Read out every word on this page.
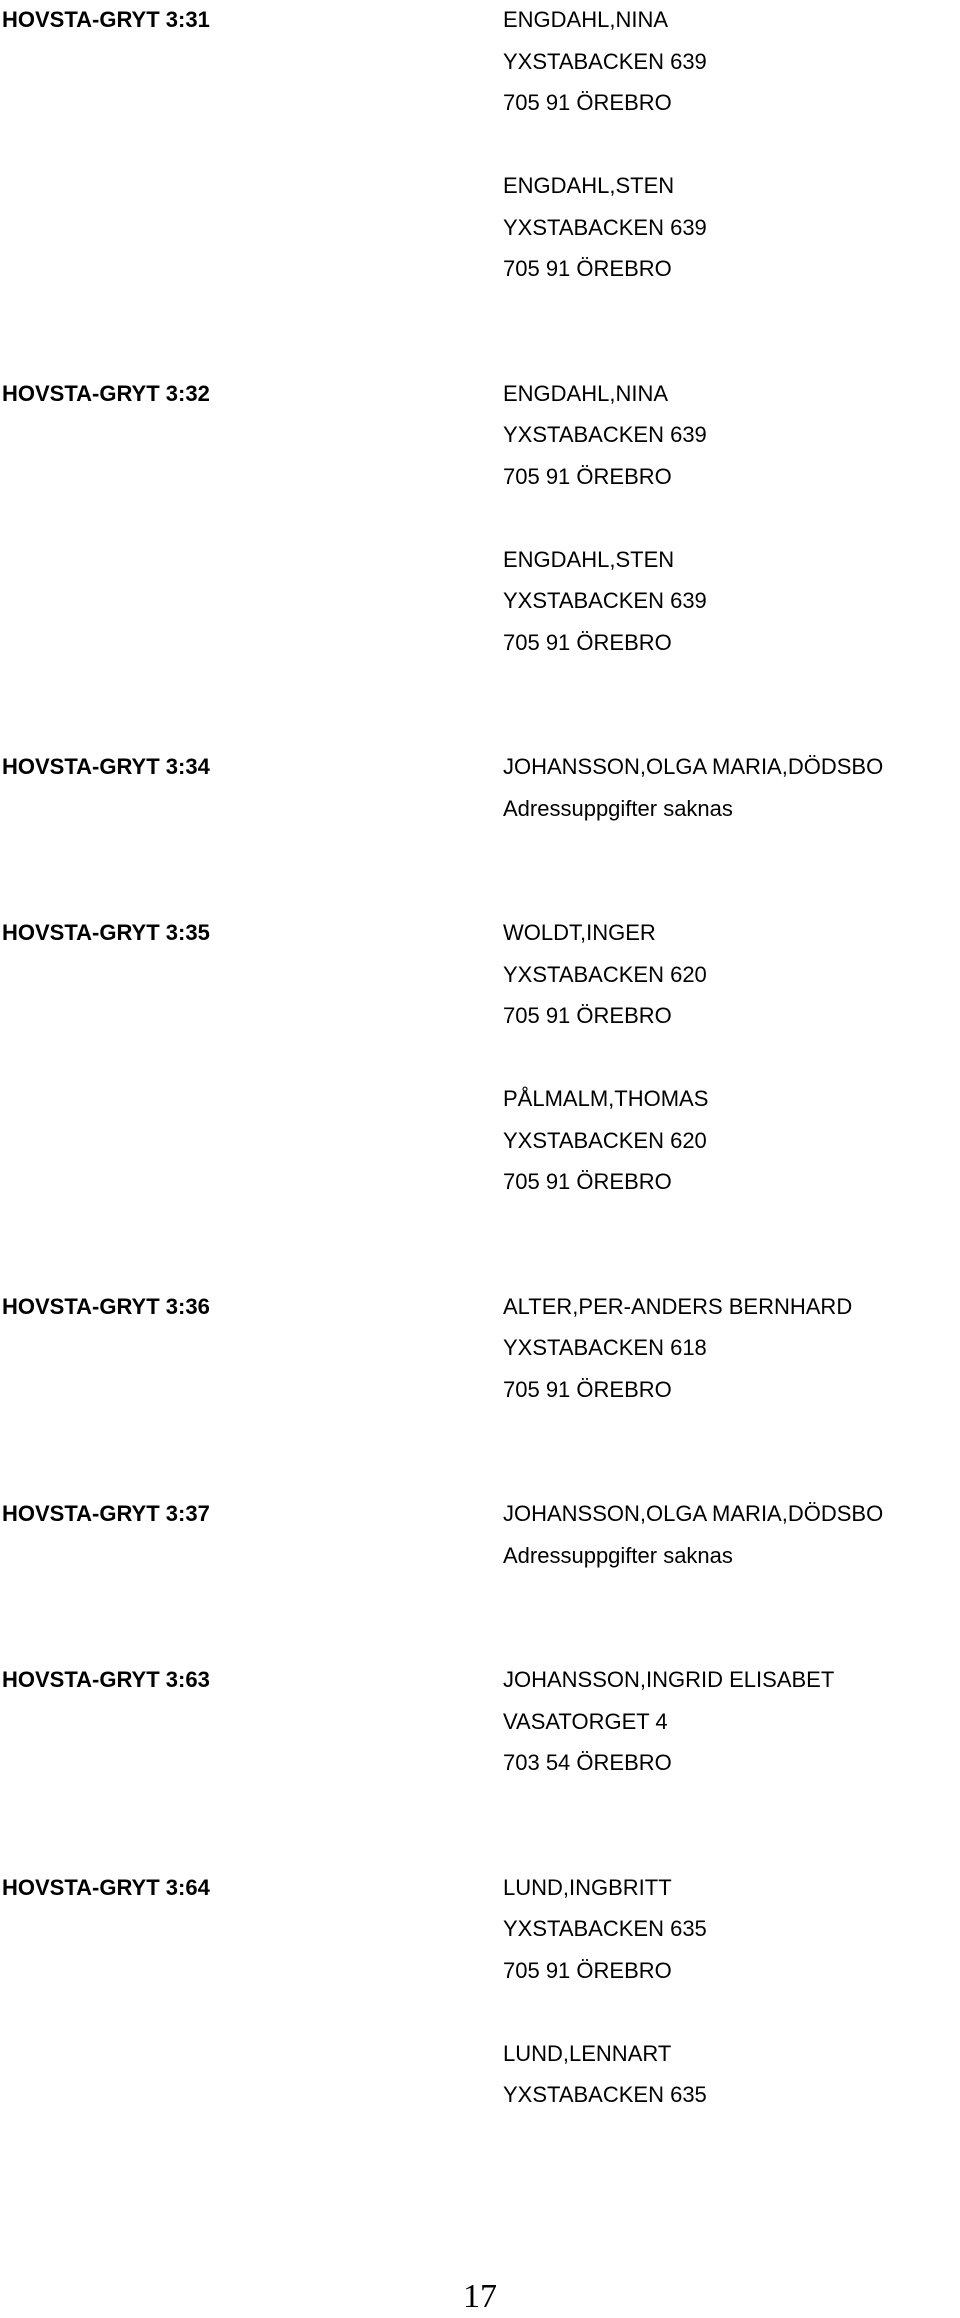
HOVSTA-GRYT 3:31	ENGDAHL,NINA
YXSTABACKEN 639
705 91 ÖREBRO
ENGDAHL,STEN
YXSTABACKEN 639
705 91 ÖREBRO
HOVSTA-GRYT 3:32	ENGDAHL,NINA
YXSTABACKEN 639
705 91 ÖREBRO
ENGDAHL,STEN
YXSTABACKEN 639
705 91 ÖREBRO
HOVSTA-GRYT 3:34	JOHANSSON,OLGA MARIA,DÖDSBO
Adressuppgifter saknas
HOVSTA-GRYT 3:35	WOLDT,INGER
YXSTABACKEN 620
705 91 ÖREBRO
PÅLMALM,THOMAS
YXSTABACKEN 620
705 91 ÖREBRO
HOVSTA-GRYT 3:36	ALTER,PER-ANDERS BERNHARD
YXSTABACKEN 618
705 91 ÖREBRO
HOVSTA-GRYT 3:37	JOHANSSON,OLGA MARIA,DÖDSBO
Adressuppgifter saknas
HOVSTA-GRYT 3:63	JOHANSSON,INGRID ELISABET
VASATORGET 4
703 54 ÖREBRO
HOVSTA-GRYT 3:64	LUND,INGBRITT
YXSTABACKEN 635
705 91 ÖREBRO
LUND,LENNART
YXSTABACKEN 635
17
